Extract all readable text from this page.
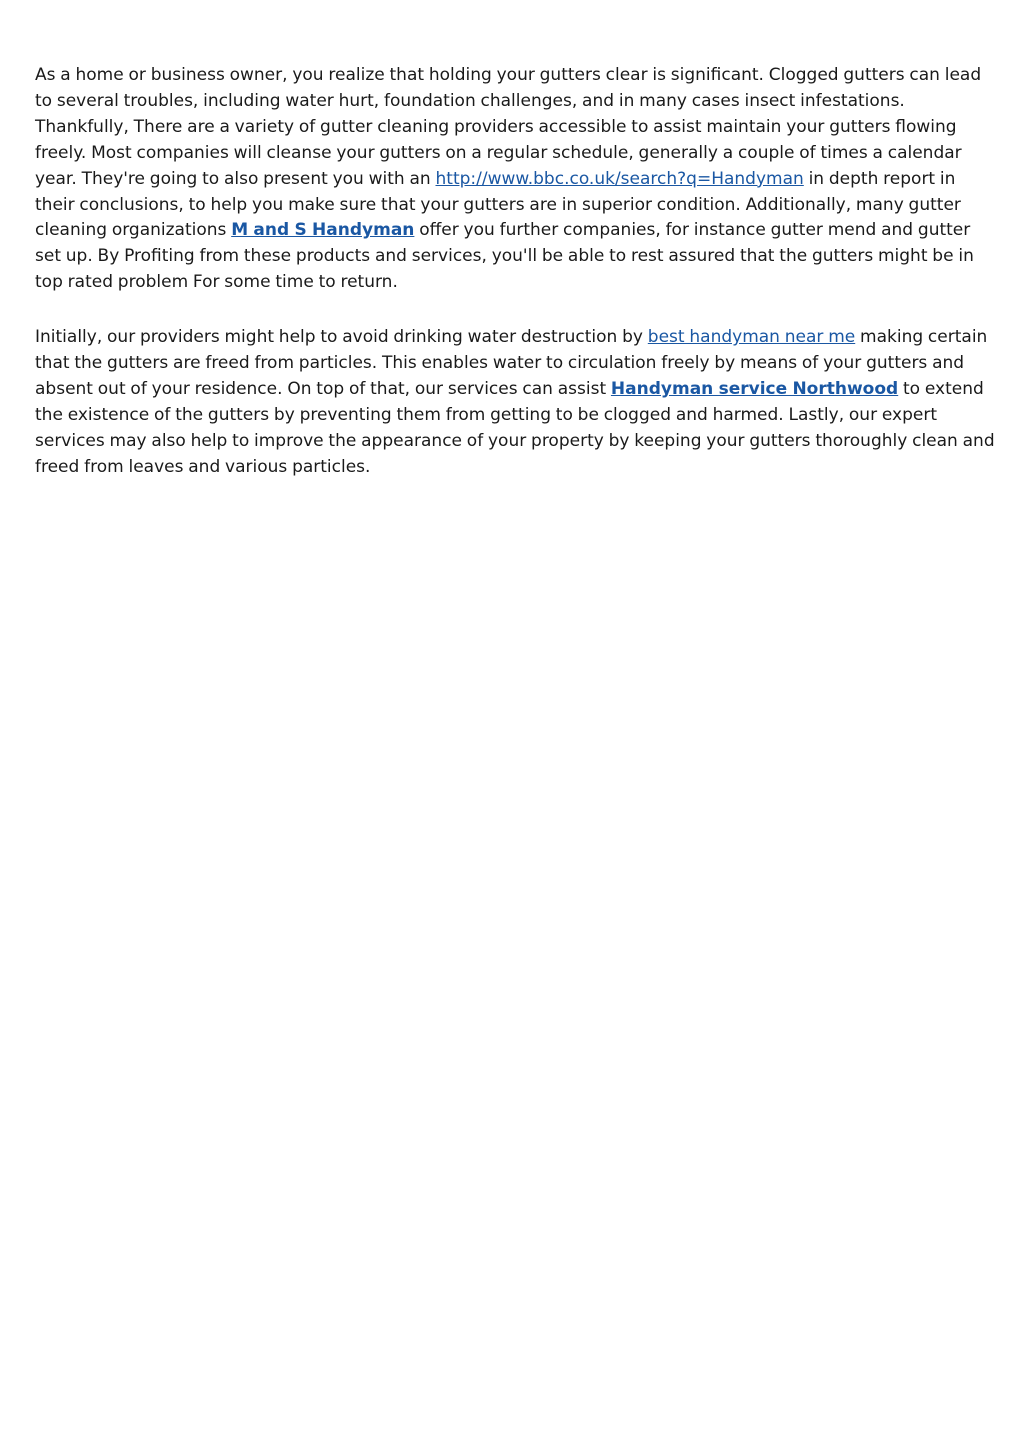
As a home or business owner, you realize that holding your gutters clear is significant. Clogged gutters can lead to several troubles, including water hurt, foundation challenges, and in many cases insect infestations. Thankfully, There are a variety of gutter cleaning providers accessible to assist maintain your gutters flowing freely. Most companies will cleanse your gutters on a regular schedule, generally a couple of times a calendar year. They're going to also present you with an http://www.bbc.co.uk/search?q=Handyman in depth report in their conclusions, to help you make sure that your gutters are in superior condition. Additionally, many gutter cleaning organizations M and S Handyman offer you further companies, for instance gutter mend and gutter set up. By Profiting from these products and services, you'll be able to rest assured that the gutters might be in top rated problem For some time to return.

Initially, our providers might help to avoid drinking water destruction by best handyman near me making certain that the gutters are freed from particles. This enables water to circulation freely by means of your gutters and absent out of your residence. On top of that, our services can assist Handyman service Northwood to extend the existence of the gutters by preventing them from getting to be clogged and harmed. Lastly, our expert services may also help to improve the appearance of your property by keeping your gutters thoroughly clean and freed from leaves and various particles.
